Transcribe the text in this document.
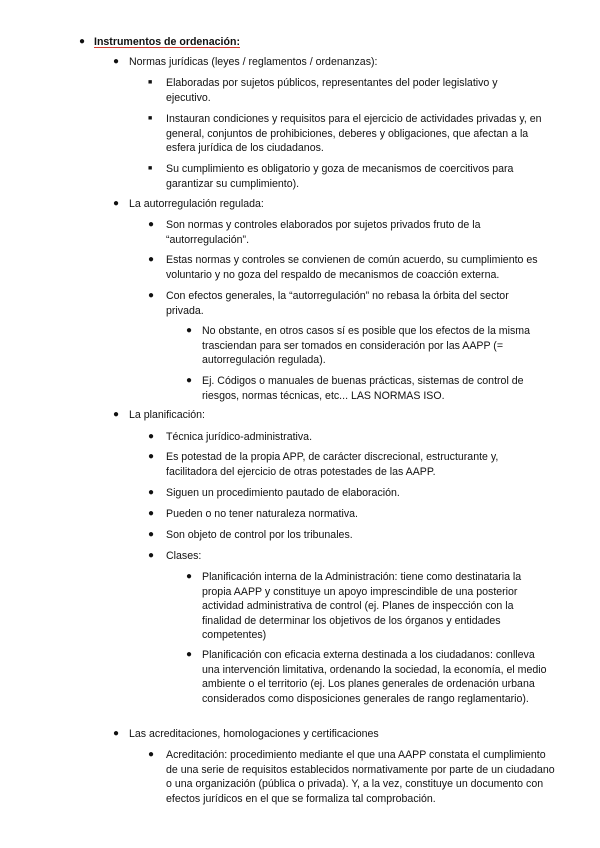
● Instrumentos de ordenación:
● Normas jurídicas (leyes / reglamentos / ordenanzas):
■ Elaboradas por sujetos públicos, representantes del poder legislativo y ejecutivo.
■ Instauran condiciones y requisitos para el ejercicio de actividades privadas y, en general, conjuntos de prohibiciones, deberes y obligaciones, que afectan a la esfera jurídica de los ciudadanos.
■ Su cumplimiento es obligatorio y goza de mecanismos de coercitivos para garantizar su cumplimiento).
● La autorregulación regulada:
● Son normas y controles elaborados por sujetos privados fruto de la “autorregulación”.
● Estas normas y controles se convienen de común acuerdo, su cumplimiento es voluntario y no goza del respaldo de mecanismos de coacción externa.
● Con efectos generales, la “autorregulación” no rebasa la órbita del sector privada.
● No obstante, en otros casos sí es posible que los efectos de la misma trasciendan para ser tomados en consideración por las AAPP (= autorregulación regulada).
● Ej. Códigos o manuales de buenas prácticas, sistemas de control de riesgos, normas técnicas, etc... LAS NORMAS ISO.
● La planificación:
● Técnica jurídico-administrativa.
● Es potestad de la propia APP, de carácter discrecional, estructurante y, facilitadora del ejercicio de otras potestades de las AAPP.
● Siguen un procedimiento pautado de elaboración.
● Pueden o no tener naturaleza normativa.
● Son objeto de control por los tribunales.
● Clases:
● Planificación interna de la Administración: tiene como destinataria la propia AAPP y constituye un apoyo imprescindible de una posterior actividad administrativa de control (ej. Planes de inspección con la finalidad de determinar los objetivos de los órganos y entidades competentes)
● Planificación con eficacia externa destinada a los ciudadanos: conlleva una intervención limitativa, ordenando la sociedad, la economía, el medio ambiente o el territorio (ej. Los planes generales de ordenación urbana considerados como disposiciones generales de rango reglamentario).
● Las acreditaciones, homologaciones y certificaciones
● Acreditación: procedimiento mediante el que una AAPP constata el cumplimiento de una serie de requisitos establecidos normativamente por parte de un ciudadano o una organización (pública o privada). Y, a la vez, constituye un documento con efectos jurídicos en el que se formaliza tal comprobación.
